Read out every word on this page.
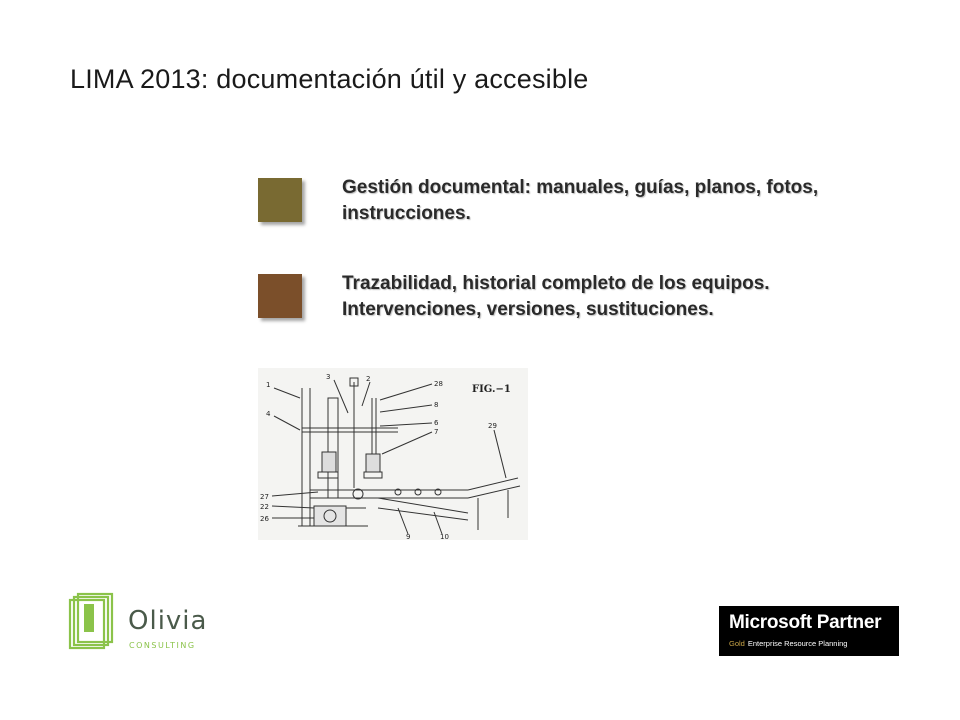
LIMA 2013: documentación útil y accesible
Gestión documental: manuales, guías, planos, fotos,
instrucciones.
Trazabilidad, historial completo de los equipos.
Intervenciones, versiones, sustituciones.
FIG.−1
1
3	2
28
8
4
6
7
29
27
22
26
9	10
Olivia
CONSULTING
Microsoft Partner
Gold Enterprise Resource Planning
